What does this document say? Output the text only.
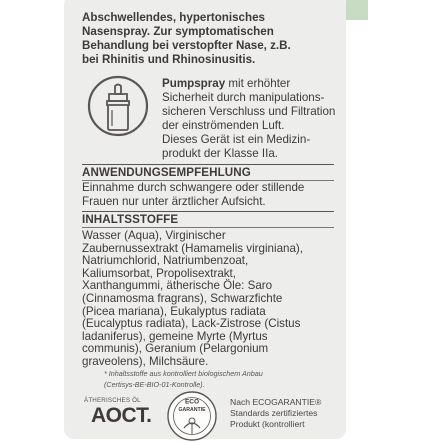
Abschwellendes, hypertonisches
Nasenspray. Zur symptomatischen
Behandlung bei verstopfter Nase, z.B.
bei Rhinitis und Rhinosinusitis.
Pumpspray mit erhöhter
Sicherheit durch manipulations-
sicheren Verschluss und Filtration
der einströmenden Luft.
Dieses Gerät ist ein Medizin-
produkt der Klasse IIa.
ANWENDUNGSEMPFEHLUNG
Einnahme durch schwangere oder stillende
Frauen nur unter ärztlicher Aufsicht.
INHALTSSTOFFE
Wasser (Aqua), Virginischer
Zaubernussextrakt (Hamamelis virginiana),
Natriumchlorid, Natriumbenzoat,
Kaliumsorbat, Propolisextrakt,
Xanthangummi, ätherische Öle: Saro
(Cinnamosma fragrans), Schwarzfichte
(Picea mariana), Eukalyptus radiata
(Eucalyptus radiata), Lack-Zistrose (Cistus
ladaniferus), gemeine Myrte (Myrtus
communis), Geranium (Pelargonium
* Inhaltsstoffe aus kontrolliert biologischem Anbau
(Certisys-BE-BIO-01-Kontrolle).
ÄTHERISCHES ÖL
AOCT.
ECO
GARANTIE
Nach ECOGARANTIE®
Standards zertifiziertes
Produkt (kontrolliert
graveolens), Milchsäure.
